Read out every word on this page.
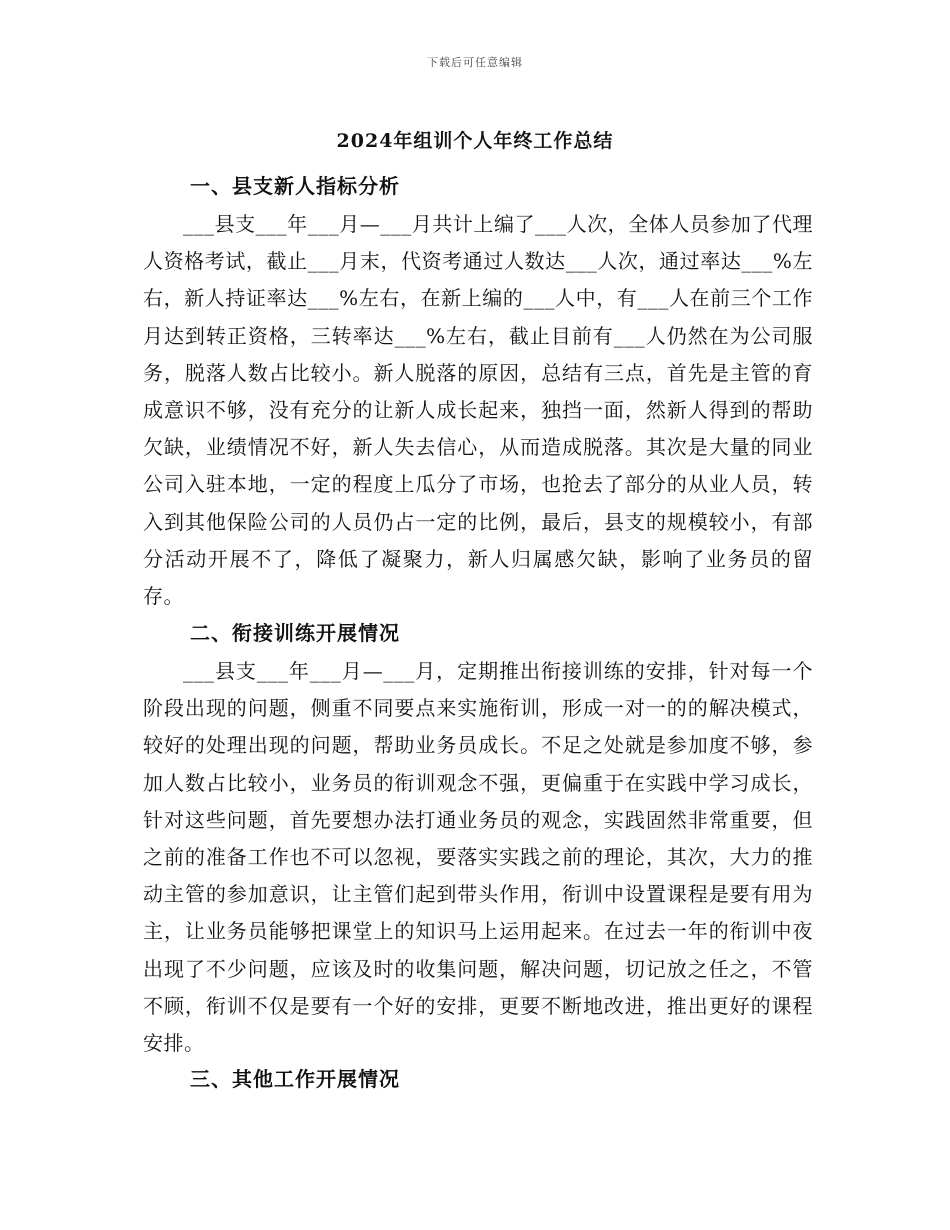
下载后可任意编辑
2024年组训个人年终工作总结
一、县支新人指标分析

___县支___年___月—___月共计上编了___人次，全体人员参加了代理人资格考试，截止___月末，代资考通过人数达___人次，通过率达___%左右，新人持证率达___%左右，在新上编的___人中，有___人在前三个工作月达到转正资格，三转率达___%左右，截止目前有___人仍然在为公司服务，脱落人数占比较小。新人脱落的原因，总结有三点，首先是主管的育成意识不够，没有充分的让新人成长起来，独挡一面，然新人得到的帮助欠缺，业绩情况不好，新人失去信心，从而造成脱落。其次是大量的同业公司入驻本地，一定的程度上瓜分了市场，也抢去了部分的从业人员，转入到其他保险公司的人员仍占一定的比例，最后，县支的规模较小，有部分活动开展不了，降低了凝聚力，新人归属感欠缺，影响了业务员的留存。

二、衔接训练开展情况

___县支___年___月—___月，定期推出衔接训练的安排，针对每一个阶段出现的问题，侧重不同要点来实施衔训，形成一对一的的解决模式，较好的处理出现的问题，帮助业务员成长。不足之处就是参加度不够，参加人数占比较小，业务员的衔训观念不强，更偏重于在实践中学习成长，针对这些问题，首先要想办法打通业务员的观念，实践固然非常重要，但之前的准备工作也不可以忽视，要落实实践之前的理论，其次，大力的推动主管的参加意识，让主管们起到带头作用，衔训中设置课程是要有用为主，让业务员能够把课堂上的知识马上运用起来。在过去一年的衔训中夜出现了不少问题，应该及时的收集问题，解决问题，切记放之任之，不管不顾，衔训不仅是要有一个好的安排，更要不断地改进，推出更好的课程安排。

三、其他工作开展情况
